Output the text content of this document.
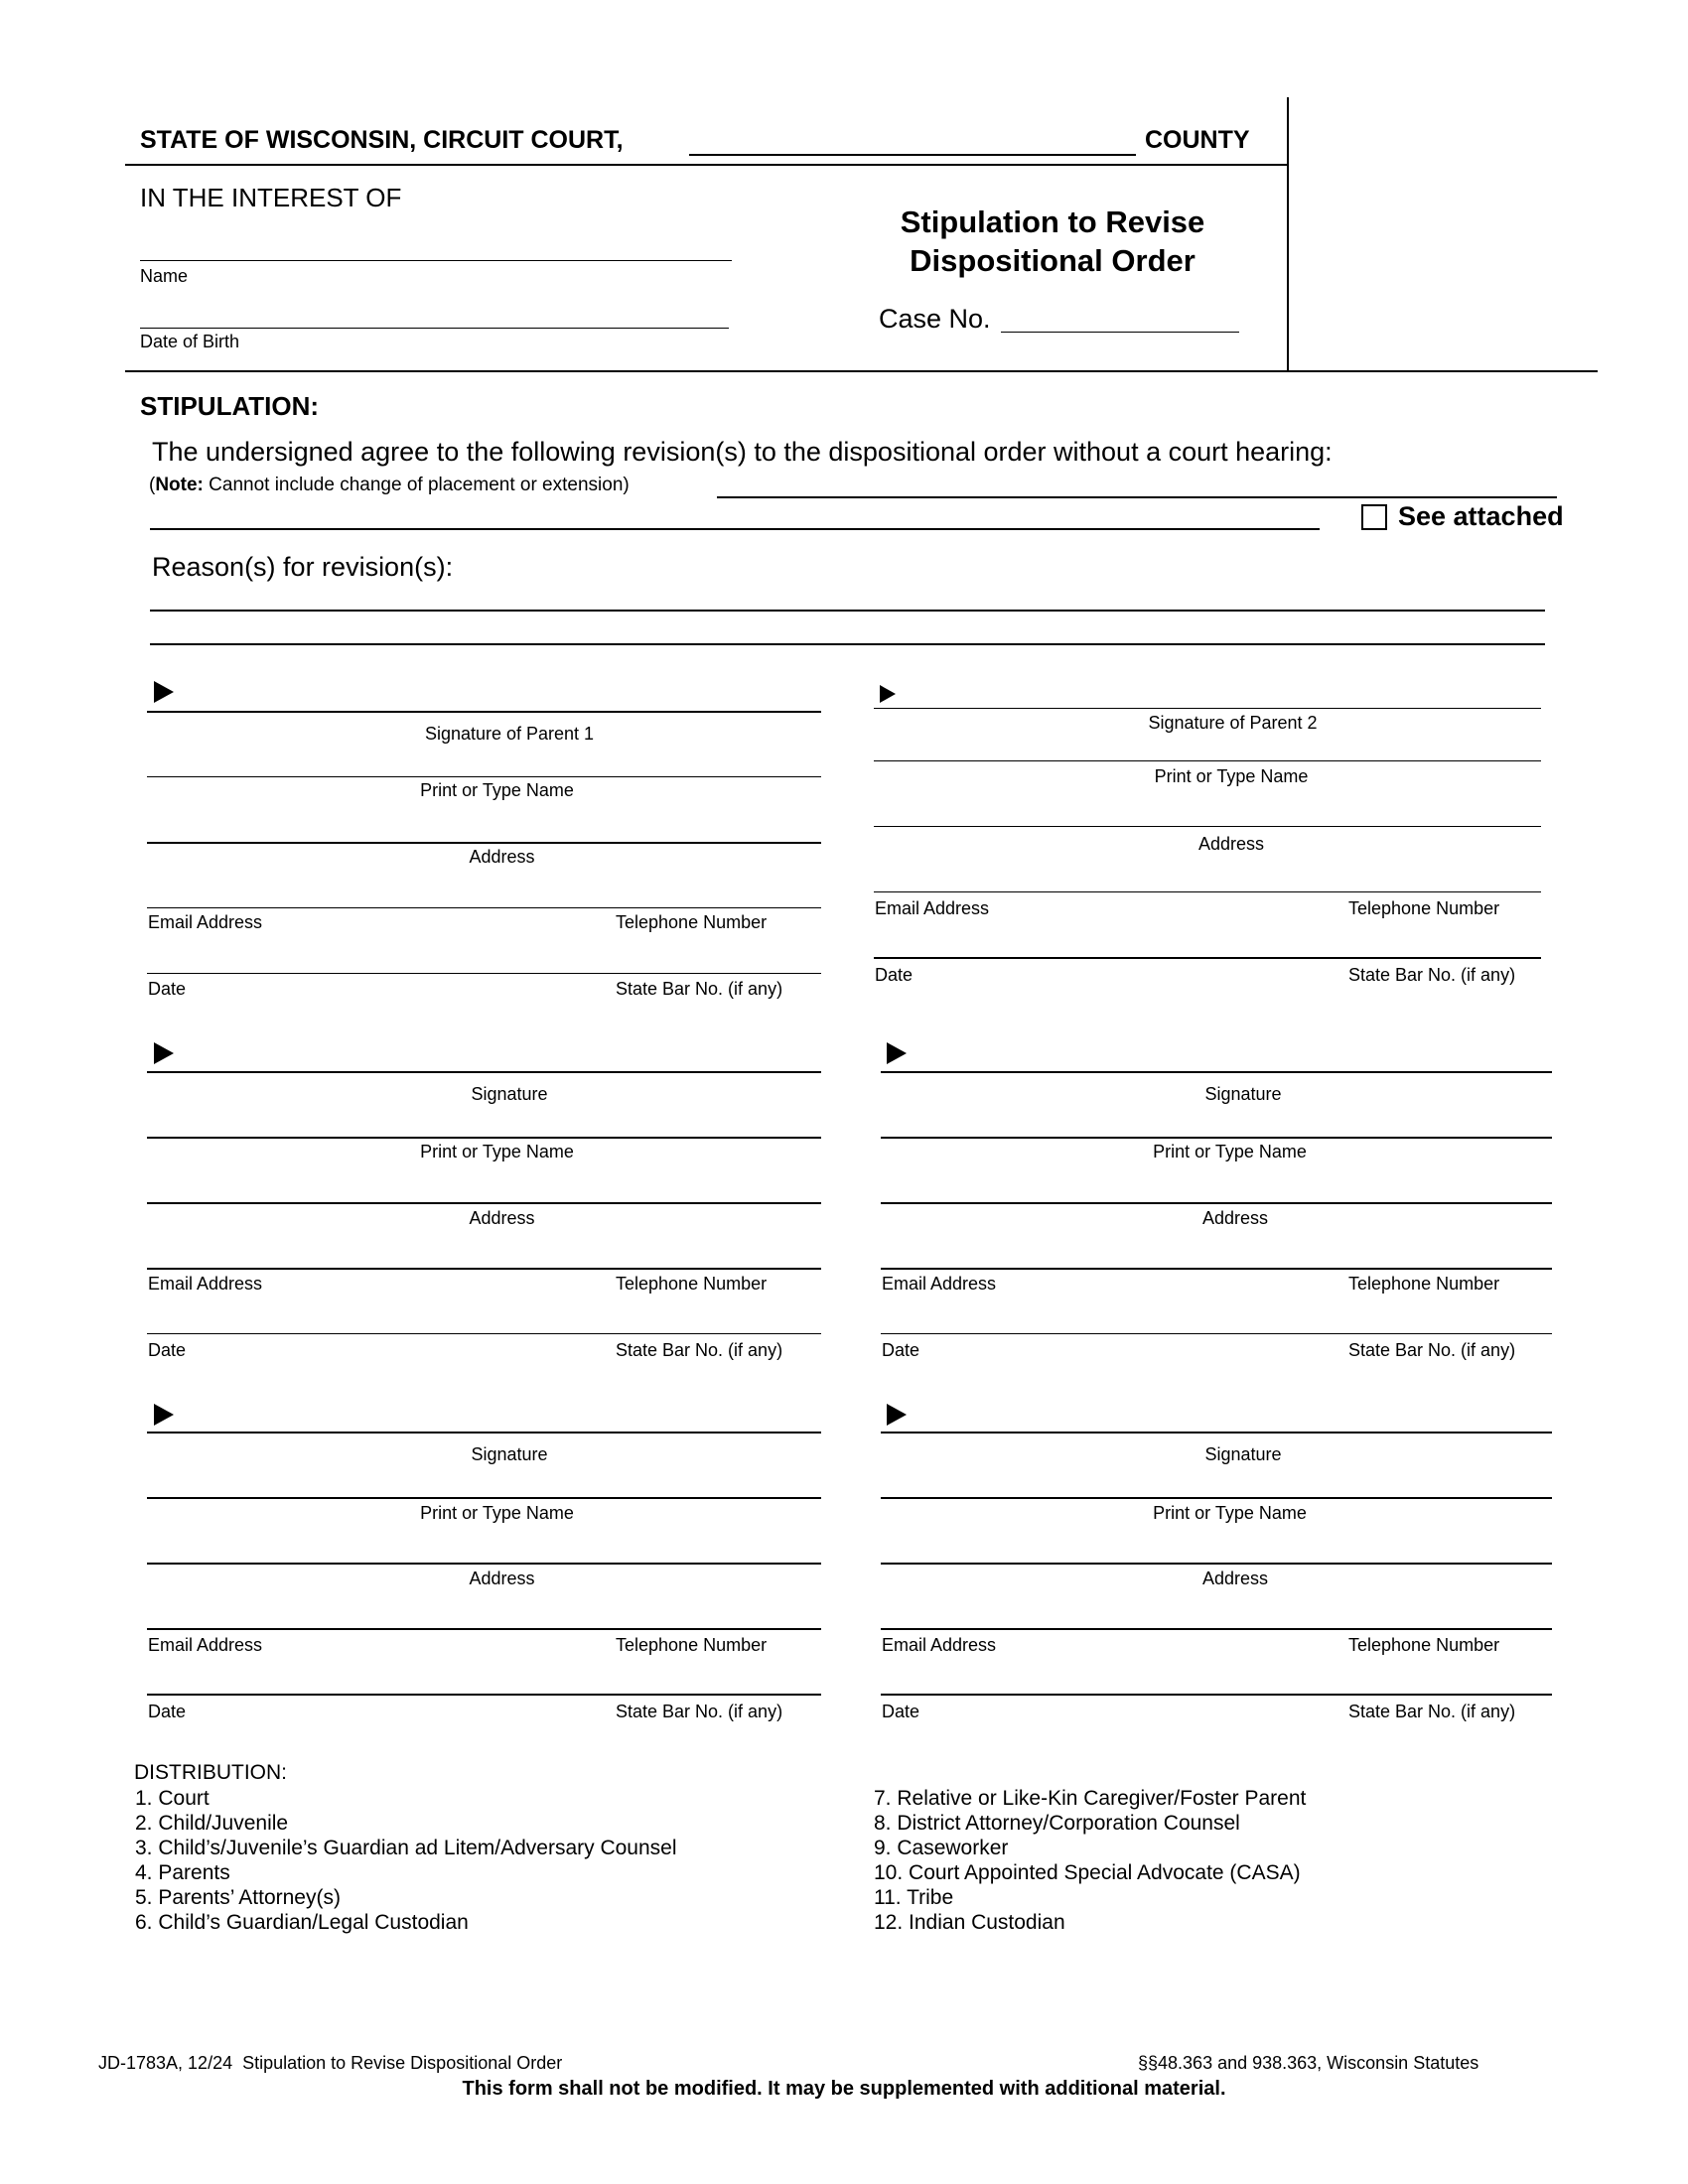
STATE OF WISCONSIN, CIRCUIT COURT,	COUNTY
IN THE INTEREST OF
Name
Date of Birth
Stipulation to Revise
Dispositional Order
Case No.
STIPULATION:
The undersigned agree to the following revision(s) to the dispositional order without a court hearing:
(Note: Cannot include change of placement or extension)
See attached
Reason(s) for revision(s):
Signature of Parent 1
Print or Type Name
Address
Email Address	Telephone Number
Date	State Bar No. (if any)
Signature of Parent 2
Print or Type Name
Address
Email Address	Telephone Number
Date	State Bar No. (if any)
Signature
Print or Type Name
Address
Email Address	Telephone Number
Date	State Bar No. (if any)
Signature
Print or Type Name
Address
Email Address	Telephone Number
Date	State Bar No. (if any)
Signature
Print or Type Name
Address
Email Address	Telephone Number
Date	State Bar No. (if any)
Signature
Print or Type Name
Address
Email Address	Telephone Number
Date	State Bar No. (if any)
DISTRIBUTION:
1. Court
2. Child/Juvenile
3. Child’s/Juvenile’s Guardian ad Litem/Adversary Counsel
4. Parents
5. Parents’ Attorney(s)
6. Child’s Guardian/Legal Custodian
7. Relative or Like-Kin Caregiver/Foster Parent
8. District Attorney/Corporation Counsel
9. Caseworker
10. Court Appointed Special Advocate (CASA)
11. Tribe
12. Indian Custodian
JD-1783A, 12/24  Stipulation to Revise Dispositional Order	§§48.363 and 938.363, Wisconsin Statutes
This form shall not be modified. It may be supplemented with additional material.
